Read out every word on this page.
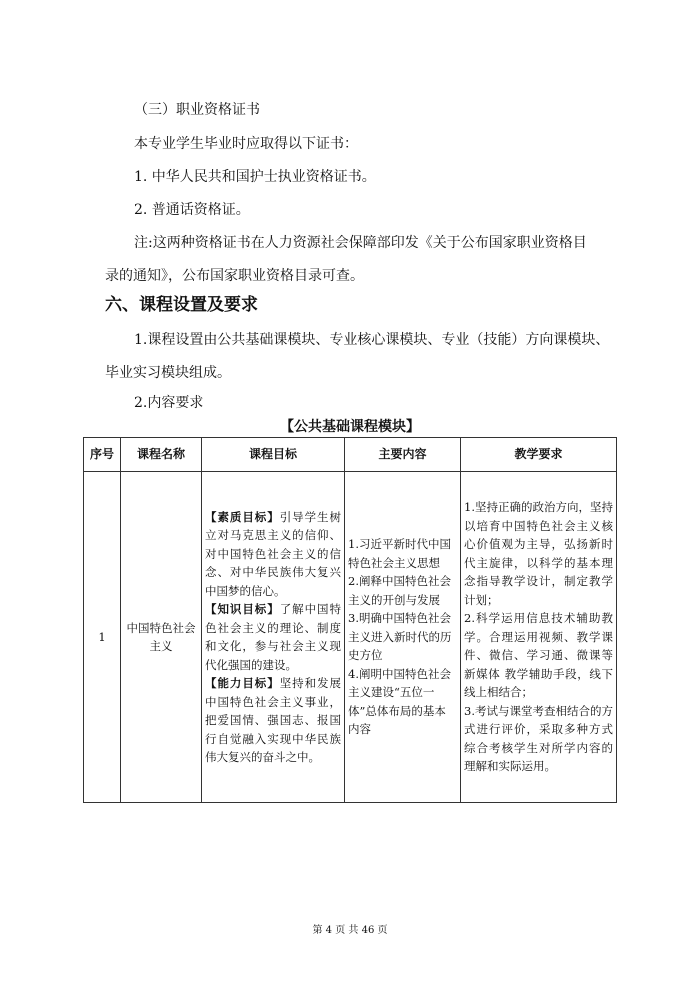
（三）职业资格证书
本专业学生毕业时应取得以下证书：
1. 中华人民共和国护士执业资格证书。
2. 普通话资格证。
注:这两种资格证书在人力资源社会保障部印发《关于公布国家职业资格目
录的通知》，公布国家职业资格目录可查。
六、课程设置及要求
1.课程设置由公共基础课模块、专业核心课模块、专业（技能）方向课模块、
毕业实习模块组成。
2.内容要求
【公共基础课程模块】
序号	课程名称	课程目标	主要内容	教学要求
1	中国特色社会主义	【素质目标】引导学生树立对马克思主义的信仰、对中国特色社会主义的信念、对中华民族伟大复兴中国梦的信心。
【知识目标】了解中国特色社会主义的理论、制度和文化，参与社会主义现代化强国的建设。
【能力目标】坚持和发展中国特色社会主义事业，把爱国情、强国志、报国行自觉融入实现中华民族伟大复兴的奋斗之中。	1.习近平新时代中国特色社会主义思想
2.阐释中国特色社会主义的开创与发展
3.明确中国特色社会主义进入新时代的历史方位
4.阐明中国特色社会主义建设“五位一体”总体布局的基本内容	1.坚持正确的政治方向，坚持以培育中国特色社会主义核心价值观为主导，弘扬新时代主旋律，以科学的基本理念指导教学设计，制定教学计划；
2.科学运用信息技术辅助教学。合理运用视频、教学课件、微信、学习通、微课等新媒体 教学辅助手段，线下线上相结合；
3.考试与课堂考查相结合的方式进行评价，采取多种方式综合考核学生对所学内容的理解和实际运用。
第 4 页 共 46 页
